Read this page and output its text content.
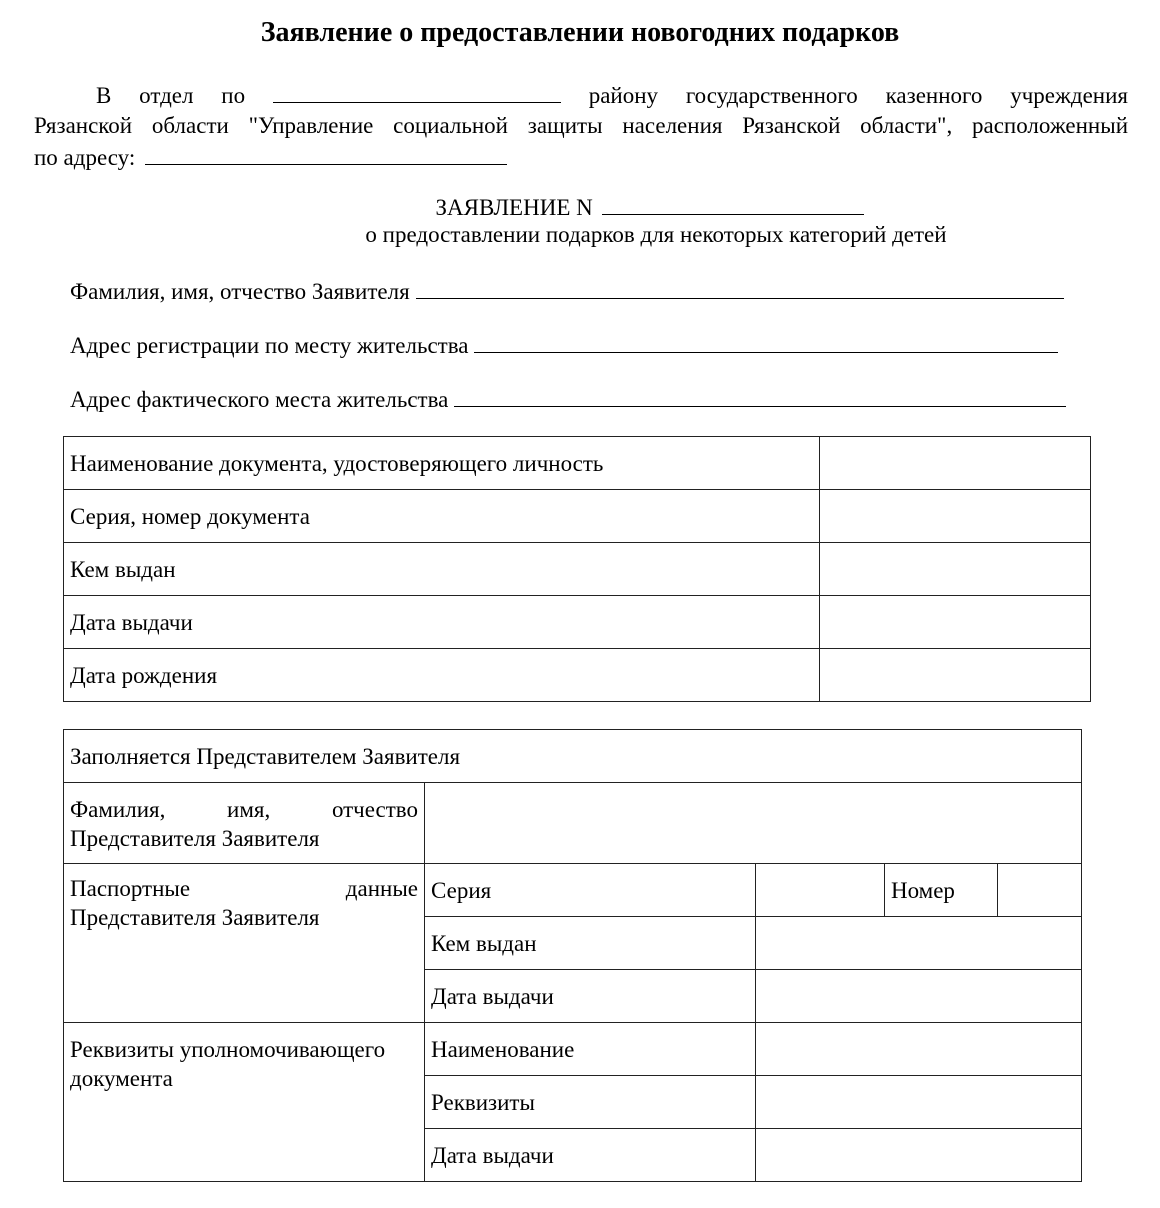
Заявление о предоставлении новогодних подарков
В отдел по	району государственного казенного учреждения
Рязанской области "Управление социальной защиты населения Рязанской области", расположенный
по адресу:
ЗАЯВЛЕНИЕ N
о предоставлении подарков для некоторых категорий детей
Фамилия, имя, отчество Заявителя
Адрес регистрации по месту жительства
Адрес фактического места жительства
Наименование документа, удостоверяющего личность	
Серия, номер документа	
Кем выдан	
Дата выдачи	
Дата рождения	
Заполняется Представителем Заявителя				

Фамилия, имя, отчество
Представителя Заявителя				

Паспортные данные
Представителя Заявителя	Серия		Номер	
	Кем выдан			
	Дата выдачи			

Реквизиты уполномочивающего
документа	Наименование			
	Реквизиты			
	Дата выдачи			
